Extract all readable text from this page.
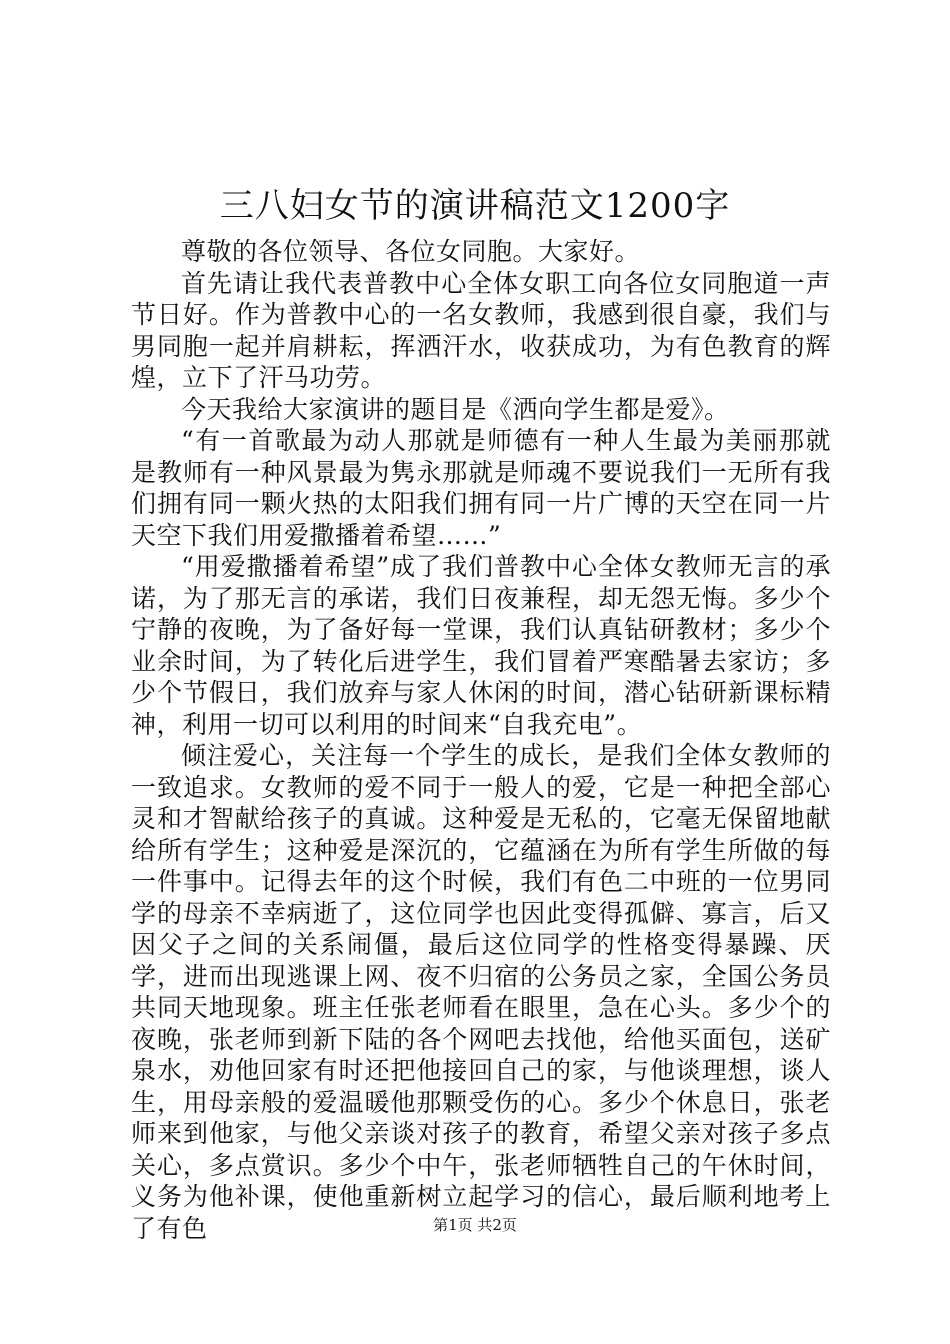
三八妇女节的演讲稿范文1200字

尊敬的各位领导、各位女同胞。大家好。

首先请让我代表普教中心全体女职工向各位女同胞道一声节日好。作为普教中心的一名女教师，我感到很自豪，我们与男同胞一起并肩耕耘，挥洒汗水，收获成功，为有色教育的辉煌，立下了汗马功劳。

今天我给大家演讲的题目是《洒向学生都是爱》。

“有一首歌最为动人那就是师德有一种人生最为美丽那就是教师有一种风景最为隽永那就是师魂不要说我们一无所有我们拥有同一颗火热的太阳我们拥有同一片广博的天空在同一片天空下我们用爱撒播着希望……”

“用爱撒播着希望”成了我们普教中心全体女教师无言的承诺，为了那无言的承诺，我们日夜兼程，却无怨无悔。多少个宁静的夜晚，为了备好每一堂课，我们认真钻研教材；多少个业余时间，为了转化后进学生，我们冒着严寒酷暑去家访；多少个节假日，我们放弃与家人休闲的时间，潜心钻研新课标精神，利用一切可以利用的时间来“自我充电”。

倾注爱心，关注每一个学生的成长，是我们全体女教师的一致追求。女教师的爱不同于一般人的爱，它是一种把全部心灵和才智献给孩子的真诚。这种爱是无私的，它毫无保留地献给所有学生；这种爱是深沉的，它蕴涵在为所有学生所做的每一件事中。记得去年的这个时候，我们有色二中班的一位男同学的母亲不幸病逝了，这位同学也因此变得孤僻、寡言，后又因父子之间的关系闹僵，最后这位同学的性格变得暴躁、厌学，进而出现逃课上网、夜不归宿的公务员之家，全国公务员共同天地现象。班主任张老师看在眼里，急在心头。多少个的夜晚，张老师到新下陆的各个网吧去找他，给他买面包，送矿泉水，劝他回家有时还把他接回自己的家，与他谈理想，谈人生，用母亲般的爱温暖他那颗受伤的心。多少个休息日，张老师来到他家，与他父亲谈对孩子的教育，希望父亲对孩子多点关心，多点赏识。多少个中午，张老师牺牲自己的午休时间，义务为他补课，使他重新树立起学习的信心，最后顺利地考上了有色	第1页 共2页
